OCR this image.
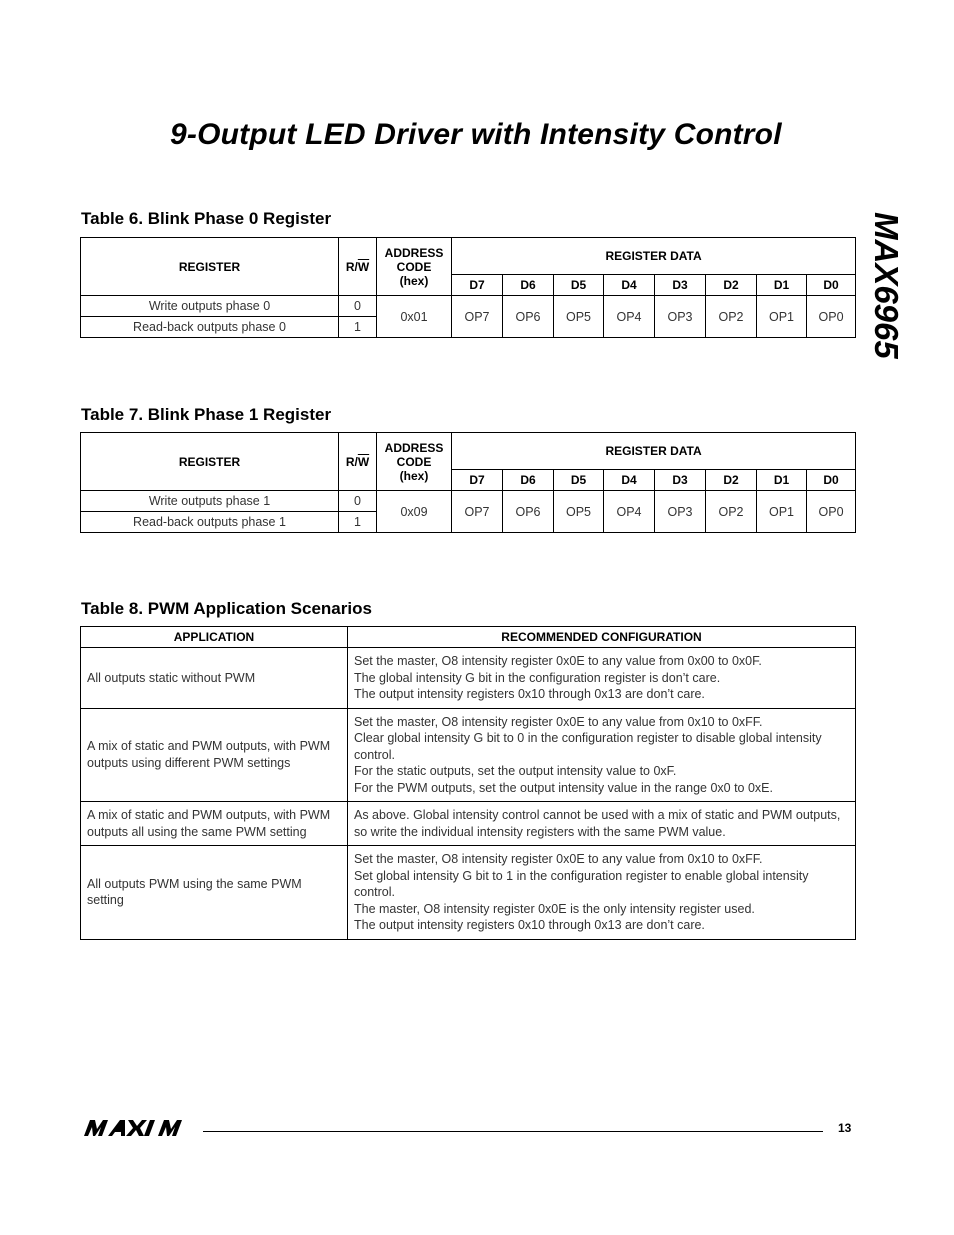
9-Output LED Driver with Intensity Control
MAX6965
Table 6. Blink Phase 0 Register
REGISTER	$R/\overline{W}$	ADDRESS
CODE
(hex)	REGISTER DATA							
			D7	D6	D5	D4	D3	D2	D1	D0
Write outputs phase 0	0	0x01	OP7	OP6	OP5	OP4	OP3	OP2	OP1	OP0
Read-back outputs phase 0	1									
Table 7. Blink Phase 1 Register
REGISTER	$R/\overline{W}$	ADDRESS
CODE
(hex)	REGISTER DATA							
			D7	D6	D5	D4	D3	D2	D1	D0
Write outputs phase 1	0	0x09	OP7	OP6	OP5	OP4	OP3	OP2	OP1	OP0
Read-back outputs phase 1	1									
Table 8. PWM Application Scenarios
APPLICATION	RECOMMENDED CONFIGURATION
All outputs static without PWM	Set the master, O8 intensity register 0x0E to any value from 0x00 to 0x0F.
The global intensity G bit in the configuration register is don’t care.
The output intensity registers 0x10 through 0x13 are don’t care.

A mix of static and PWM outputs, with PWM outputs using different PWM settings	Set the master, O8 intensity register 0x0E to any value from 0x10 to 0xFF.
Clear global intensity G bit to 0 in the configuration register to disable global intensity control.
For the static outputs, set the output intensity value to 0xF.
For the PWM outputs, set the output intensity value in the range 0x0 to 0xE.

A mix of static and PWM outputs, with PWM outputs all using the same PWM setting	As above. Global intensity control cannot be used with a mix of static and PWM outputs, so write the individual intensity registers with the same PWM value.

All outputs PWM using the same PWM setting	Set the master, O8 intensity register 0x0E to any value from 0x10 to 0xFF.
Set global intensity G bit to 1 in the configuration register to enable global intensity control.
The master, O8 intensity register 0x0E is the only intensity register used.
The output intensity registers 0x10 through 0x13 are don’t care.
13
